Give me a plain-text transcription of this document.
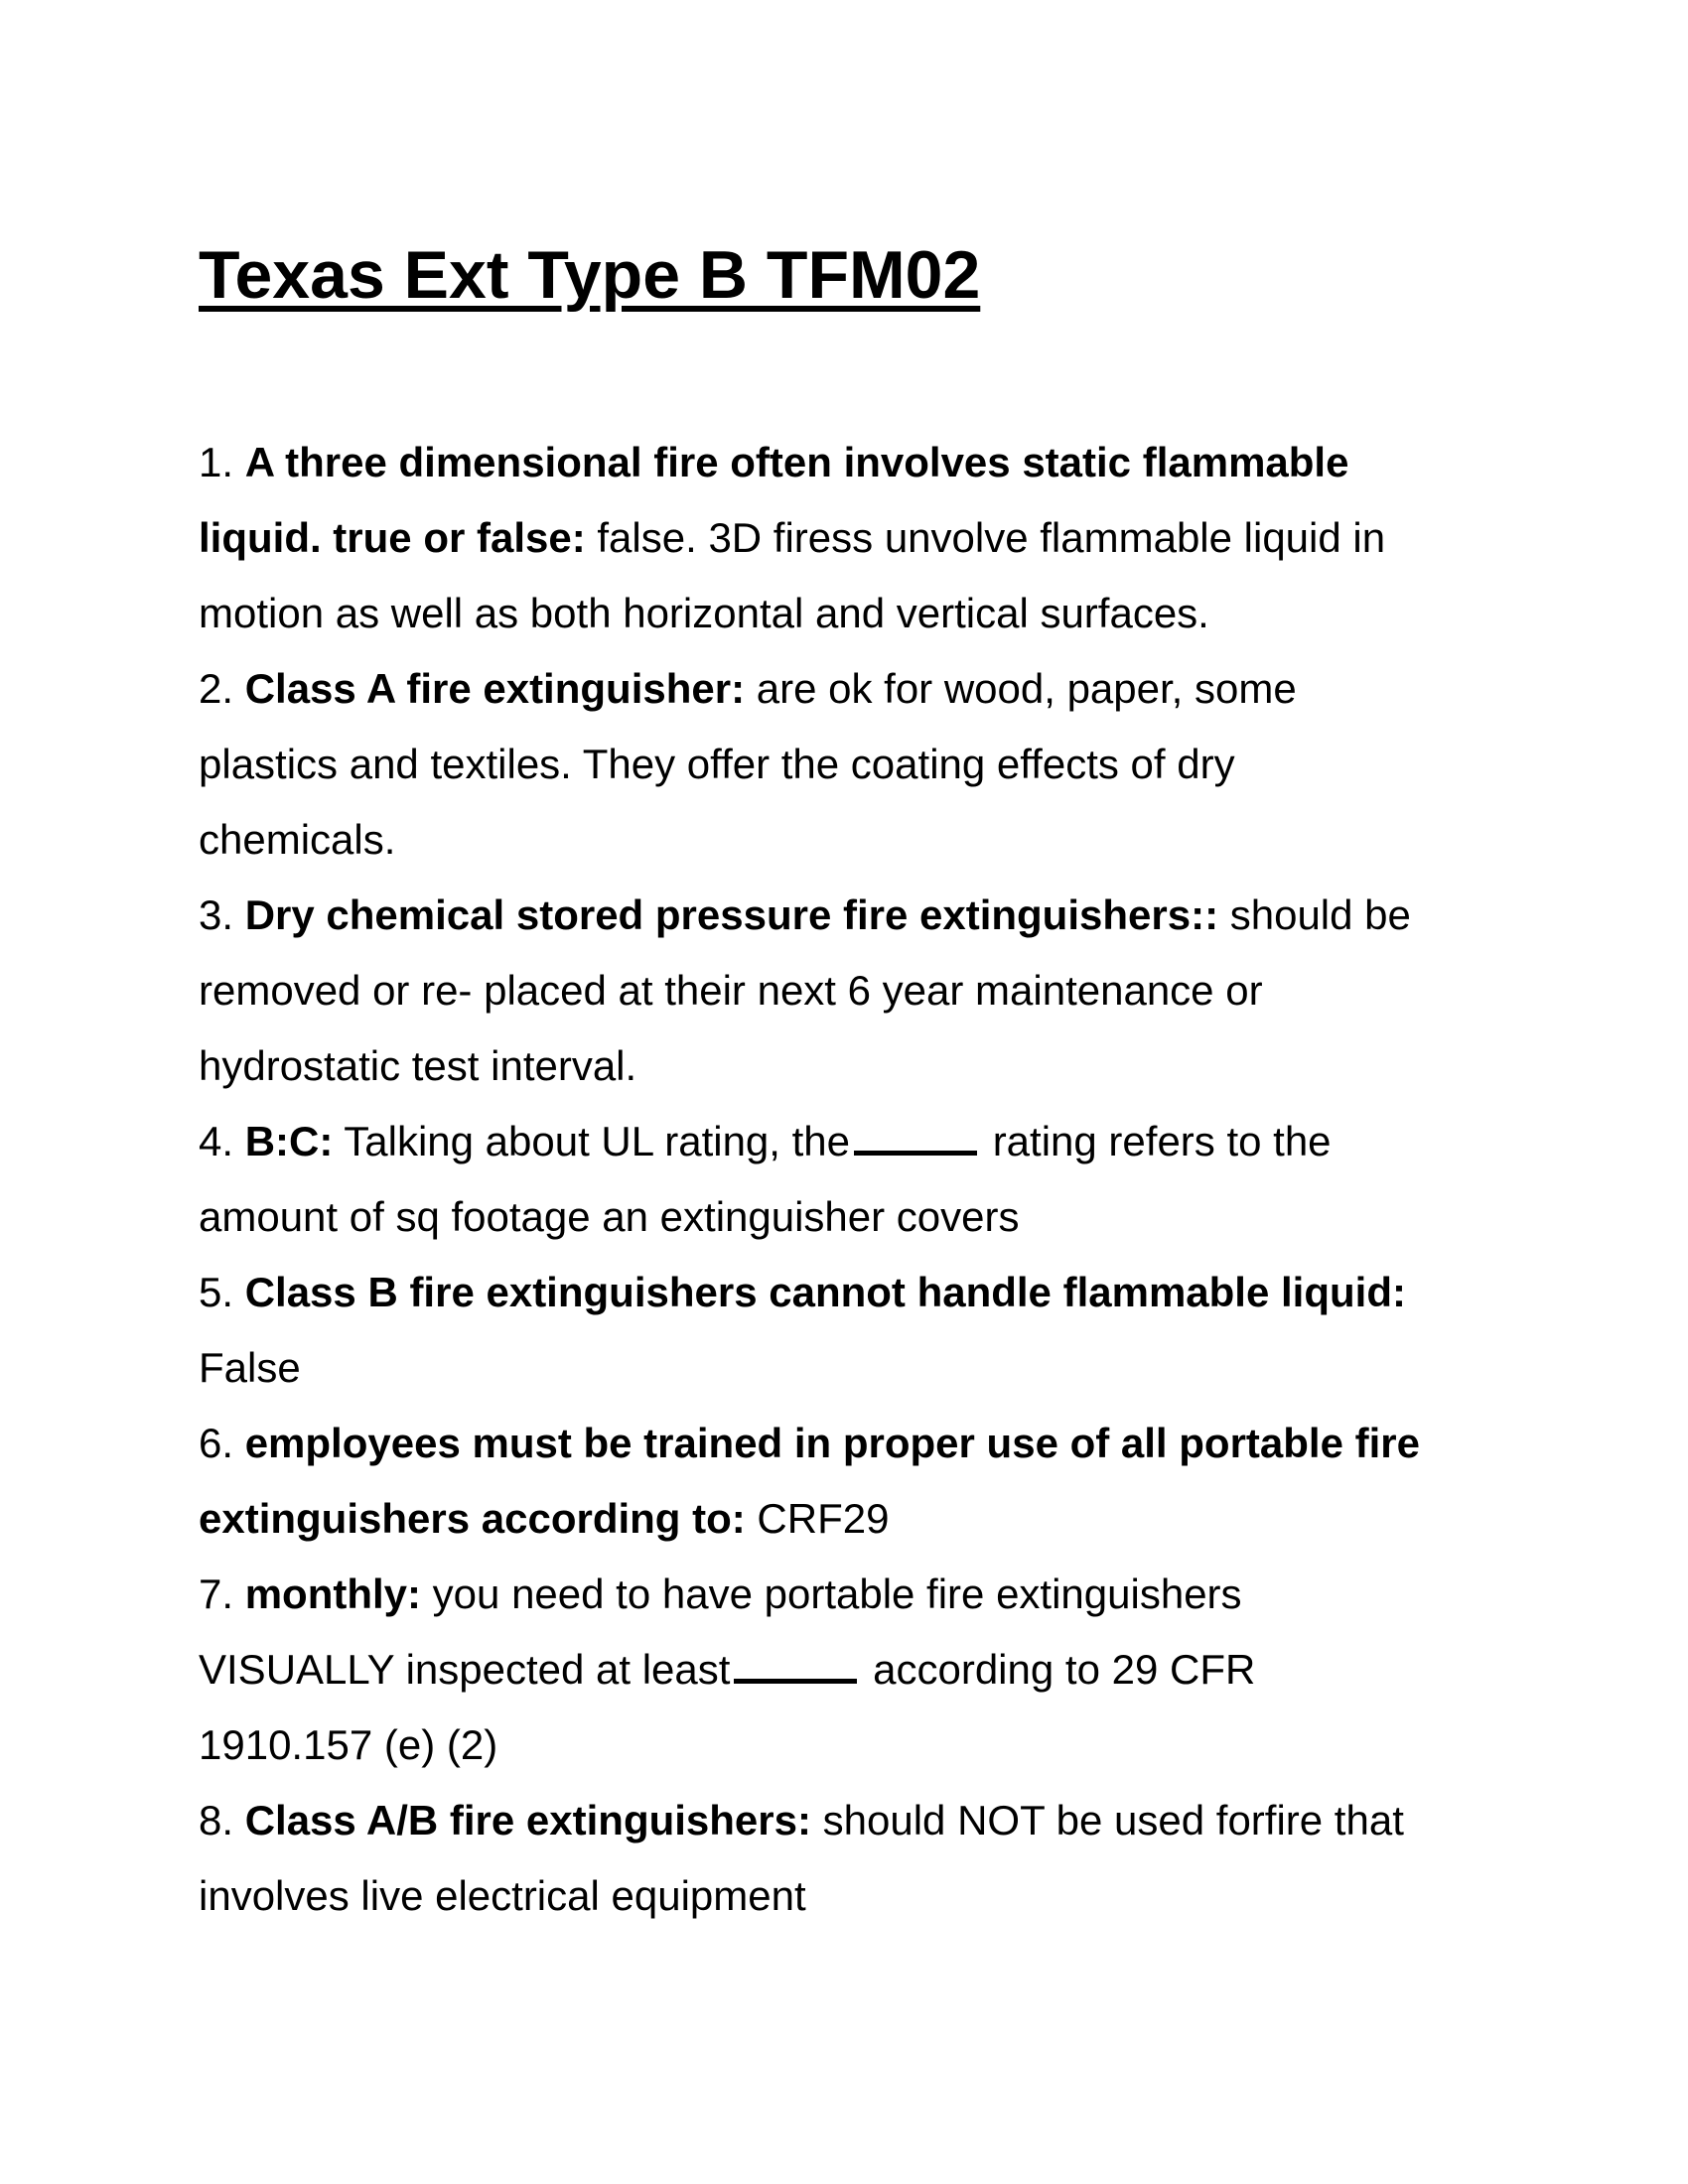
Texas Ext Type B TFM02
1. A three dimensional fire often involves static flammable
liquid. true or false: false. 3D firess unvolve flammable liquid in
motion as well as both horizontal and vertical surfaces.
2. Class A fire extinguisher: are ok for wood, paper, some
plastics and textiles. They offer the coating effects of dry
chemicals.
3. Dry chemical stored pressure fire extinguishers:: should be
removed or re- placed at their next 6 year maintenance or
hydrostatic test interval.
4. B:C: Talking about UL rating, the	rating refers to the
amount of sq footage an extinguisher covers
5. Class B fire extinguishers cannot handle flammable liquid:
False
6. employees must be trained in proper use of all portable fire
extinguishers according to: CRF29
7. monthly: you need to have portable fire extinguishers
VISUALLY inspected at least	according to 29 CFR
1910.157 (e) (2)
8. Class A/B fire extinguishers: should NOT be used forfire that
involves live electrical equipment
